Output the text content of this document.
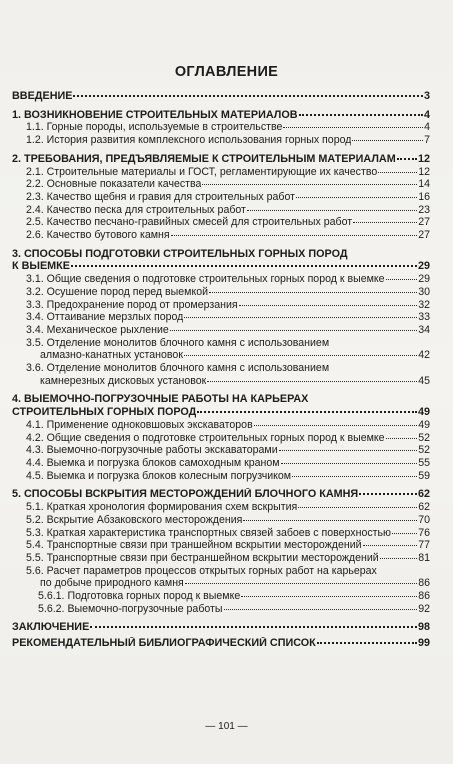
ОГЛАВЛЕНИЕ
ВВЕДЕНИЕ	3
1. ВОЗНИКНОВЕНИЕ СТРОИТЕЛЬНЫХ МАТЕРИАЛОВ	4
1.1. Горные породы, используемые в строительстве	4
1.2. История развития комплексного использования горных пород	7
2. ТРЕБОВАНИЯ, ПРЕДЪЯВЛЯЕМЫЕ К СТРОИТЕЛЬНЫМ МАТЕРИАЛАМ 12
2.1. Строительные материалы и ГОСТ, регламентирующие их качество	12
2.2. Основные показатели качества	14
2.3. Качество щебня и гравия для строительных работ	16
2.4. Качество песка для строительных работ	23
2.5. Качество песчано-гравийных смесей для строительных работ	27
2.6. Качество бутового камня	27
3. СПОСОБЫ ПОДГОТОВКИ СТРОИТЕЛЬНЫХ ГОРНЫХ ПОРОД
К ВЫЕМКЕ	29
3.1. Общие сведения о подготовке строительных горных пород к выемке	29
3.2. Осушение пород перед выемкой	30
3.3. Предохранение пород от промерзания	32
3.4. Оттаивание мерзлых пород	33
3.4. Механическое рыхление	34
3.5. Отделение монолитов блочного камня с использованием
алмазно-канатных установок	42
3.6. Отделение монолитов блочного камня с использованием
камнерезных дисковых установок	45
4. ВЫЕМОЧНО-ПОГРУЗОЧНЫЕ РАБОТЫ НА КАРЬЕРАХ
СТРОИТЕЛЬНЫХ ГОРНЫХ ПОРОД	49
4.1. Применение одноковшовых экскаваторов	49
4.2. Общие сведения о подготовке строительных горных пород к выемке	52
4.3. Выемочно-погрузочные работы экскаваторами	52
4.4. Выемка и погрузка блоков самоходным краном	55
4.5. Выемка и погрузка блоков колесным погрузчиком	59
5. СПОСОБЫ ВСКРЫТИЯ МЕСТОРОЖДЕНИЙ БЛОЧНОГО КАМНЯ	62
5.1. Краткая хронология формирования схем вскрытия	62
5.2. Вскрытие Абзаковского месторождения	70
5.3. Краткая характеристика транспортных связей забоев с поверхностью	76
5.4. Транспортные связи при траншейном вскрытии месторождений	77
5.5. Транспортные связи при бестраншейном вскрытии месторождений	81
5.6. Расчет параметров процессов открытых горных работ на карьерах
по добыче природного камня	86
5.6.1. Подготовка горных пород к выемке	86
5.6.2. Выемочно-погрузочные работы	92
ЗАКЛЮЧЕНИЕ	98
РЕКОМЕНДАТЕЛЬНЫЙ БИБЛИОГРАФИЧЕСКИЙ СПИСОК	99
— 101 —
